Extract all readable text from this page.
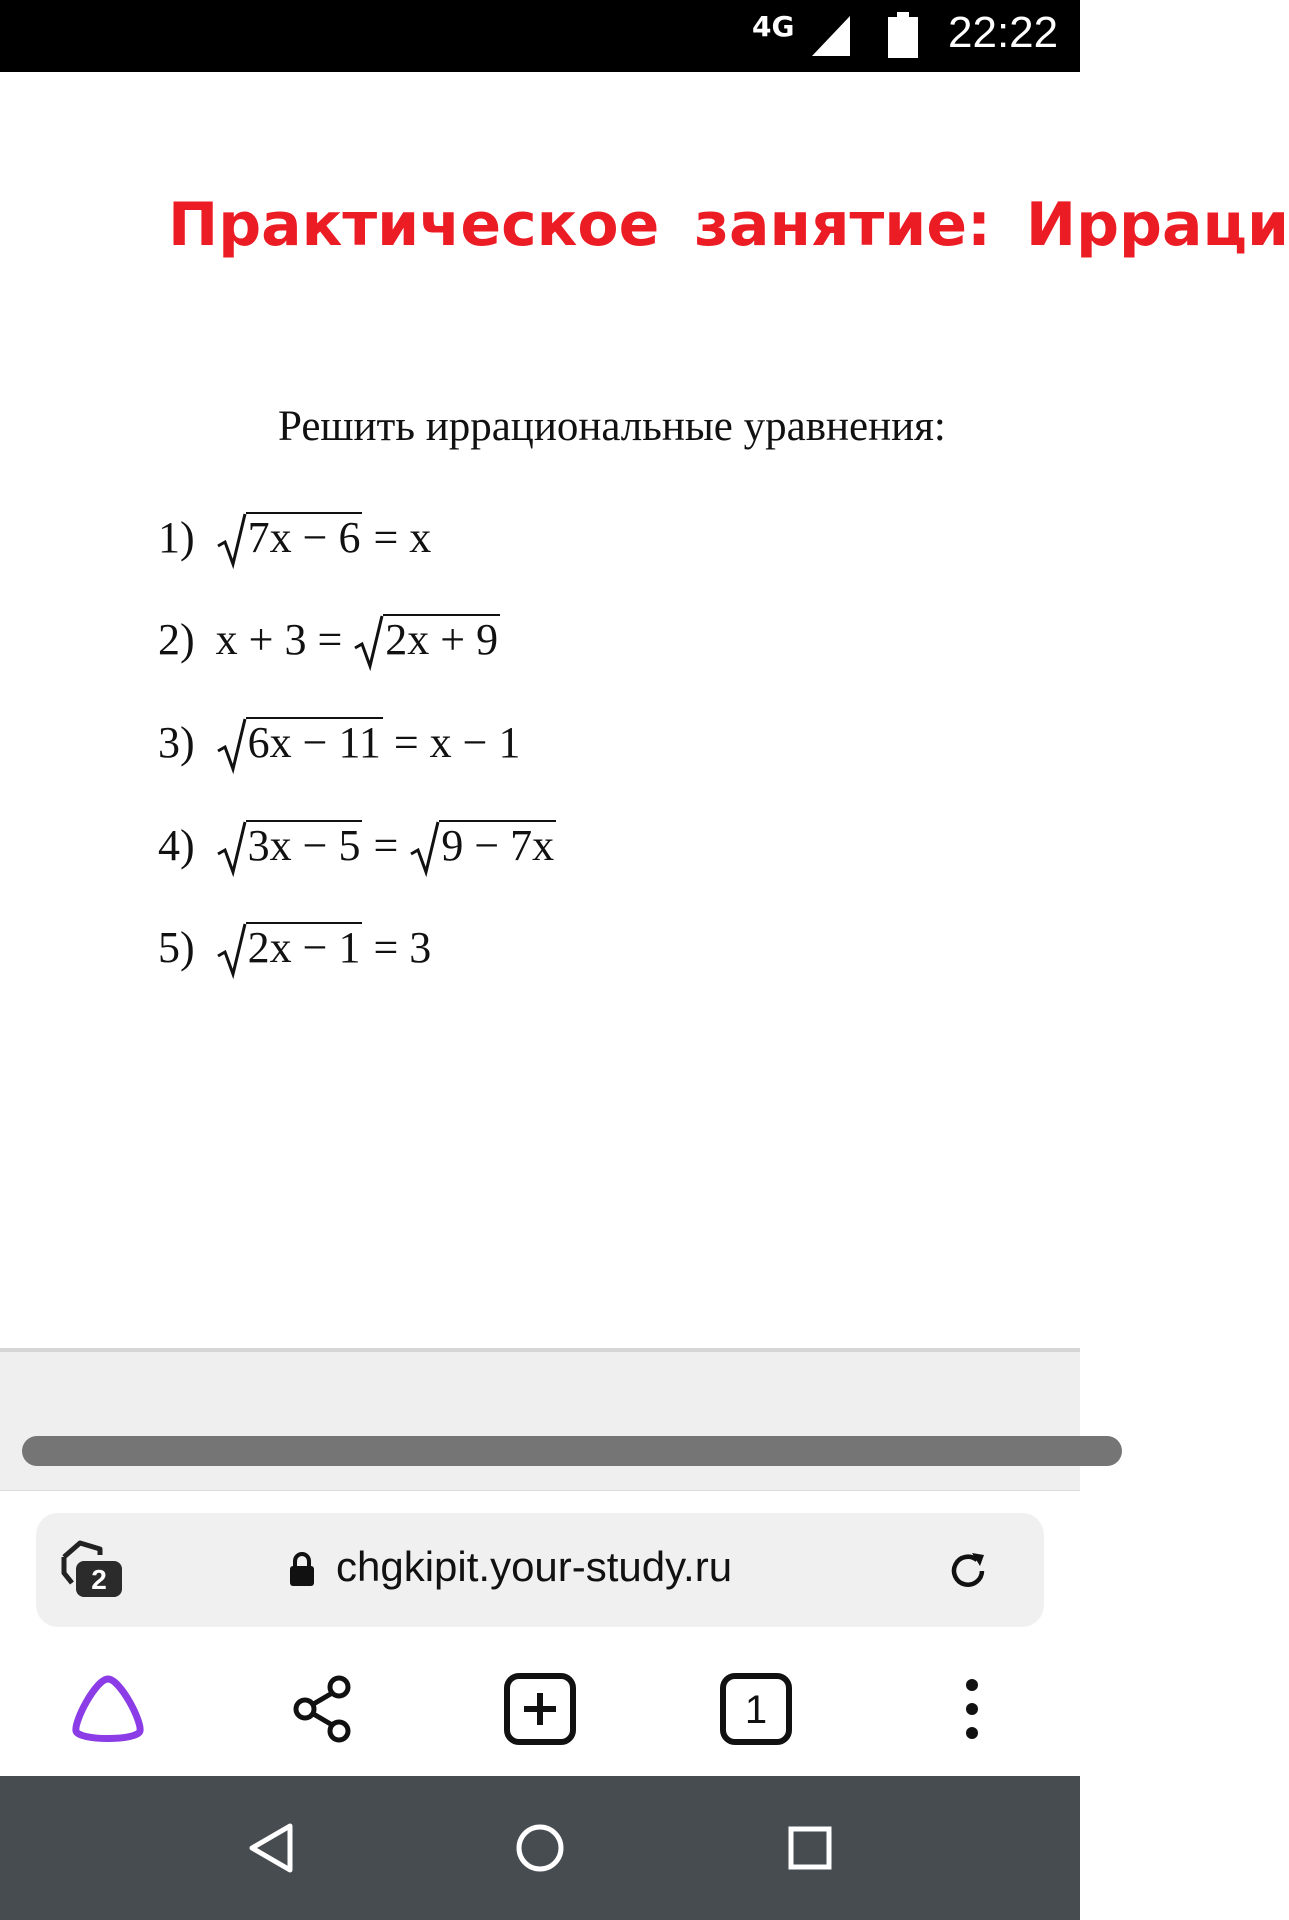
4G	22:22
Практическое занятие: Ирраци
Решить иррациональные уравнения:
1) 7x − 6 = x
2) x + 3 = 2x + 9
3) 6x − 11 = x − 1
4) 3x − 5 = 9 − 7x
5) 2x − 1 = 3
2	chgkipit.your-study.ru
1
